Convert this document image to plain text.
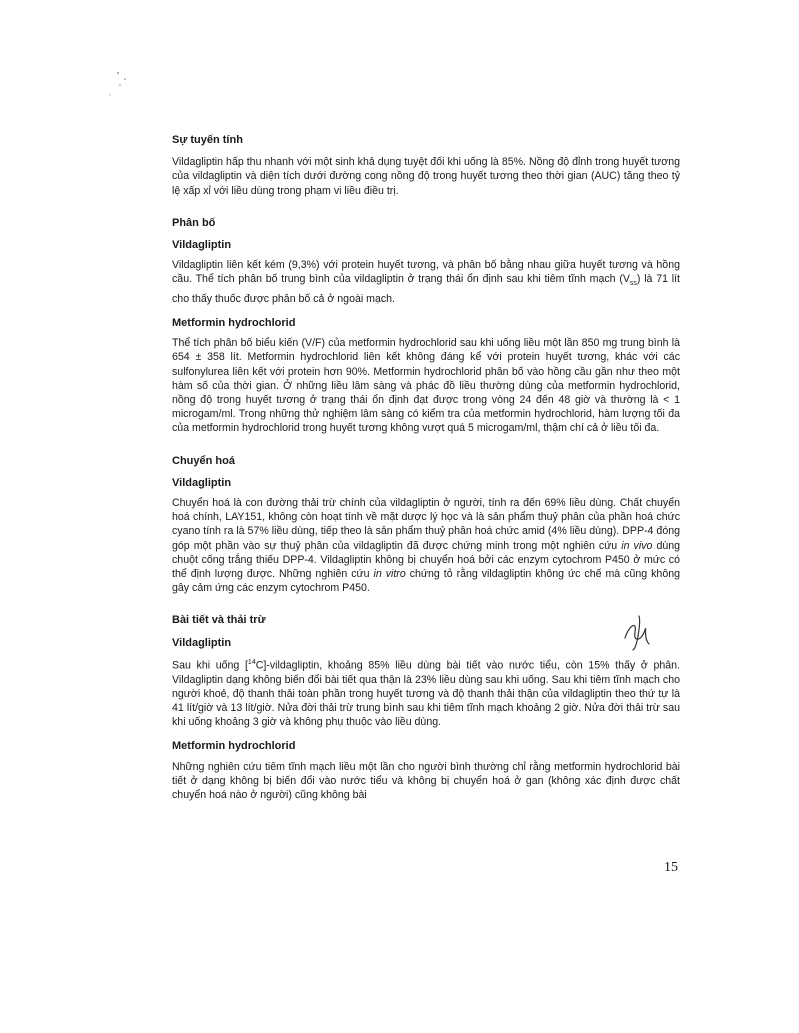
Sự tuyến tính

Vildagliptin hấp thu nhanh với một sinh khả dụng tuyệt đối khi uống là 85%. Nồng độ đỉnh trong huyết tương của vildagliptin và diện tích dưới đường cong nồng độ trong huyết tương theo thời gian (AUC) tăng theo tỷ lệ xấp xỉ với liều dùng trong phạm vi liều điều trị.

Phân bố
Vildagliptin

Vildagliptin liên kết kém (9,3%) với protein huyết tương, và phân bố bằng nhau giữa huyết tương và hồng cầu. Thể tích phân bố trung bình của vildagliptin ở trạng thái ổn định sau khi tiêm tĩnh mạch $(V_{ss})$ là 71 lít cho thấy thuốc được phân bố cả ở ngoài mạch.

Metformin hydrochlorid

Thể tích phân bố biểu kiến (V/F) của metformin hydrochlorid sau khi uống liều một lần 850 mg trung bình là 654 ± 358 lít. Metformin hydrochlorid liên kết không đáng kể với protein huyết tương, khác với các sulfonylurea liên kết với protein hơn 90%. Metformin hydrochlorid phân bố vào hồng cầu gần như theo một hàm số của thời gian. Ở những liều lâm sàng và phác đồ liều thường dùng của metformin hydrochlorid, nồng độ trong huyết tương ở trạng thái ổn định đạt được trong vòng 24 đến 48 giờ và thường là < 1 microgam/ml. Trong những thử nghiệm lâm sàng có kiểm tra của metformin hydrochlorid, hàm lượng tối đa của metformin hydrochlorid trong huyết tương không vượt quá 5 microgam/ml, thậm chí cả ở liều tối đa.

Chuyển hoá
Vildagliptin

Chuyển hoá là con đường thải trừ chính của vildagliptin ở người, tính ra đến 69% liều dùng. Chất chuyển hoá chính, LAY151, không còn hoạt tính về mặt dược lý học và là sản phẩm thuỷ phân của phần hoá chức cyano tính ra là 57% liều dùng, tiếp theo là sản phẩm thuỷ phân hoá chức amid (4% liều dùng). DPP-4 đóng góp một phần vào sự thuỷ phân của vildagliptin đã được chứng minh trong một nghiên cứu in vivo dùng chuột cống trắng thiếu DPP-4. Vildagliptin không bị chuyển hoá bởi các enzym cytochrom P450 ở mức có thể định lượng được. Những nghiên cứu in vitro chứng tỏ rằng vildagliptin không ức chế mà cũng không gây cảm ứng các enzym cytochrom P450.

Bài tiết và thải trừ
Vildagliptin

Sau khi uống [$^{14}$C]-vildagliptin, khoảng 85% liều dùng bài tiết vào nước tiểu, còn 15% thấy ở phân. Vildagliptin dạng không biến đổi bài tiết qua thận là 23% liều dùng sau khi uống. Sau khi tiêm tĩnh mạch cho người khoẻ, độ thanh thải toàn phần trong huyết tương và độ thanh thải thận của vildagliptin theo thứ tự là 41 lít/giờ và 13 lít/giờ. Nửa đời thải trừ trung bình sau khi tiêm tĩnh mạch khoảng 2 giờ. Nửa đời thải trừ sau khi uống khoảng 3 giờ và không phụ thuộc vào liều dùng.

Metformin hydrochlorid

Những nghiên cứu tiêm tĩnh mạch liều một lần cho người bình thường chỉ rằng metformin hydrochlorid bài tiết ở dạng không bị biến đổi vào nước tiểu và không bị chuyển hoá ở gan (không xác định được chất chuyển hoá nào ở người) cũng không bài

15
